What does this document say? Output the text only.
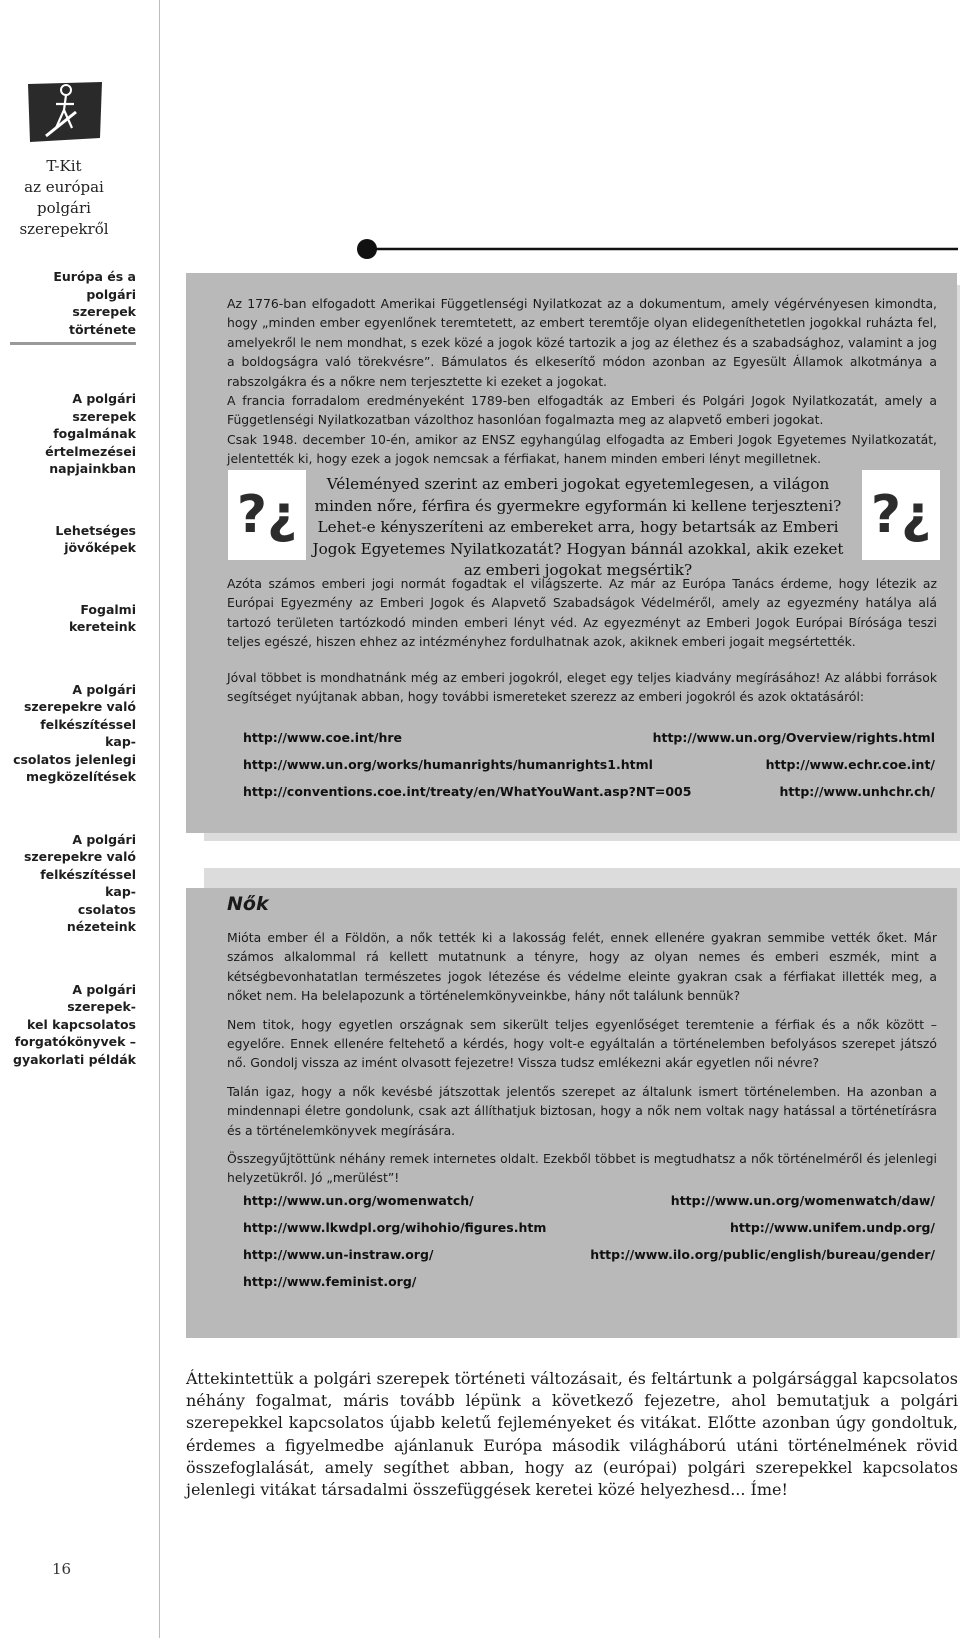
T-Kit
az európai polgári
szerepekről
Európa és a polgári
szerepek története
A polgári szerepek
fogalmának
értelmezései
napjainkban
Lehetséges
jövőképek
Fogalmi kereteink
A polgári
szerepekre való
felkészítéssel kap-
csolatos jelenlegi
megközelítések
A polgári
szerepekre való
felkészítéssel kap-
csolatos nézeteink
A polgári szerepek-
kel kapcsolatos
forgatókönyvek –
gyakorlati példák
16

Az 1776-ban elfogadott Amerikai Függetlenségi Nyilatkozat az a dokumentum, amely végérvényesen kimondta, hogy „minden ember egyenlőnek teremtetett, az embert teremtője olyan elidegeníthetetlen jogokkal ruházta fel, amelyekről le nem mondhat, s ezek közé a jogok közé tartozik a jog az élethez és a szabadsághoz, valamint a jog a boldogságra való törekvésre”. Bámulatos és elkeserítő módon azonban az Egyesült Államok alkotmánya a rabszolgákra és a nőkre nem terjesztette ki ezeket a jogokat.

A francia forradalom eredményeként 1789-ben elfogadták az Emberi és Polgári Jogok Nyilatkozatát, amely a Függetlenségi Nyilatkozatban vázolthoz hasonlóan fogalmazta meg az alapvető emberi jogokat.

Csak 1948. december 10-én, amikor az ENSZ egyhangúlag elfogadta az Emberi Jogok Egyetemes Nyilatkozatát, jelentették ki, hogy ezek a jogok nemcsak a férfiakat, hanem minden emberi lényt megilletnek.

?¿
Véleményed szerint az emberi jogokat egyetemlegesen, a világon minden nőre, férfira és gyermekre egyformán ki kellene terjeszteni? Lehet-e kényszeríteni az embereket arra, hogy betartsák az Emberi Jogok Egyetemes Nyilatkozatát? Hogyan bánnál azokkal, akik ezeket az emberi jogokat megsértik?
?¿
Azóta számos emberi jogi normát fogadtak el világszerte. Az már az Európa Tanács érdeme, hogy létezik az Európai Egyezmény az Emberi Jogok és Alapvető Szabadságok Védelméről, amely az egyezmény hatálya alá tartozó területen tartózkodó minden emberi lényt véd. Az egyezményt az Emberi Jogok Európai Bírósága teszi teljes egészé, hiszen ehhez az intézményhez fordulhatnak azok, akiknek emberi jogait megsértették.
Jóval többet is mondhatnánk még az emberi jogokról, eleget egy teljes kiadvány megírásához! Az alábbi források segítséget nyújtanak abban, hogy további ismereteket szerezz az emberi jogokról és azok oktatásáról:
http://www.coe.int/hre	http://www.un.org/Overview/rights.html
http://www.un.org/works/humanrights/humanrights1.html	http://www.echr.coe.int/
http://conventions.coe.int/treaty/en/WhatYouWant.asp?NT=005	http://www.unhchr.ch/
Nők

Mióta ember él a Földön, a nők tették ki a lakosság felét, ennek ellenére gyakran semmibe vették őket. Már számos alkalommal rá kellett mutatnunk a tényre, hogy az olyan nemes és emberi eszmék, mint a kétségbevonhatatlan természetes jogok létezése és védelme eleinte gyakran csak a férfiakat illették meg, a nőket nem. Ha belelapozunk a történelemkönyveinkbe, hány nőt találunk bennük?

Nem titok, hogy egyetlen országnak sem sikerült teljes egyenlőséget teremtenie a férfiak és a nők között – egyelőre. Ennek ellenére feltehető a kérdés, hogy volt-e egyáltalán a történelemben befolyásos szerepet játszó nő. Gondolj vissza az imént olvasott fejezetre! Visszа tudsz emlékezni akár egyetlen női névre?

Talán igaz, hogy a nők kevésbé játszottak jelentős szerepet az általunk ismert történelemben. Ha azonban a mindennapi életre gondolunk, csak azt állíthatjuk biztosan, hogy a nők nem voltak nagy hatással a történetírásra és a történelemkönyvek megírására.

Összegyűjtöttünk néhány remek internetes oldalt. Ezekből többet is megtudhatsz a nők történelméről és jelenlegi helyzetükről. Jó „merülést”!

http://www.un.org/womenwatch/	http://www.un.org/womenwatch/daw/
http://www.lkwdpl.org/wihohio/figures.htm	http://www.unifem.undp.org/
http://www.un-instraw.org/	http://www.ilo.org/public/english/bureau/gender/
http://www.feminist.org/
Áttekintettük a polgári szerepek történeti változásait, és feltártunk a polgársággal kapcsolatos néhány fogalmat, máris tovább lépünk a következő fejezetre, ahol bemutatjuk a polgári szerepekkel kapcsolatos újabb keletű fejleményeket és vitákat. Előtte azonban úgy gondoltuk, érdemes a figyelmedbe ajánlanuk Európa második világháború utáni történelmének rövid összefoglalását, amely segíthet abban, hogy az (európai) polgári szerepekkel kapcsolatos jelenlegi vitákat társadalmi összefüggések keretei közé helyezhesd... Íme!
